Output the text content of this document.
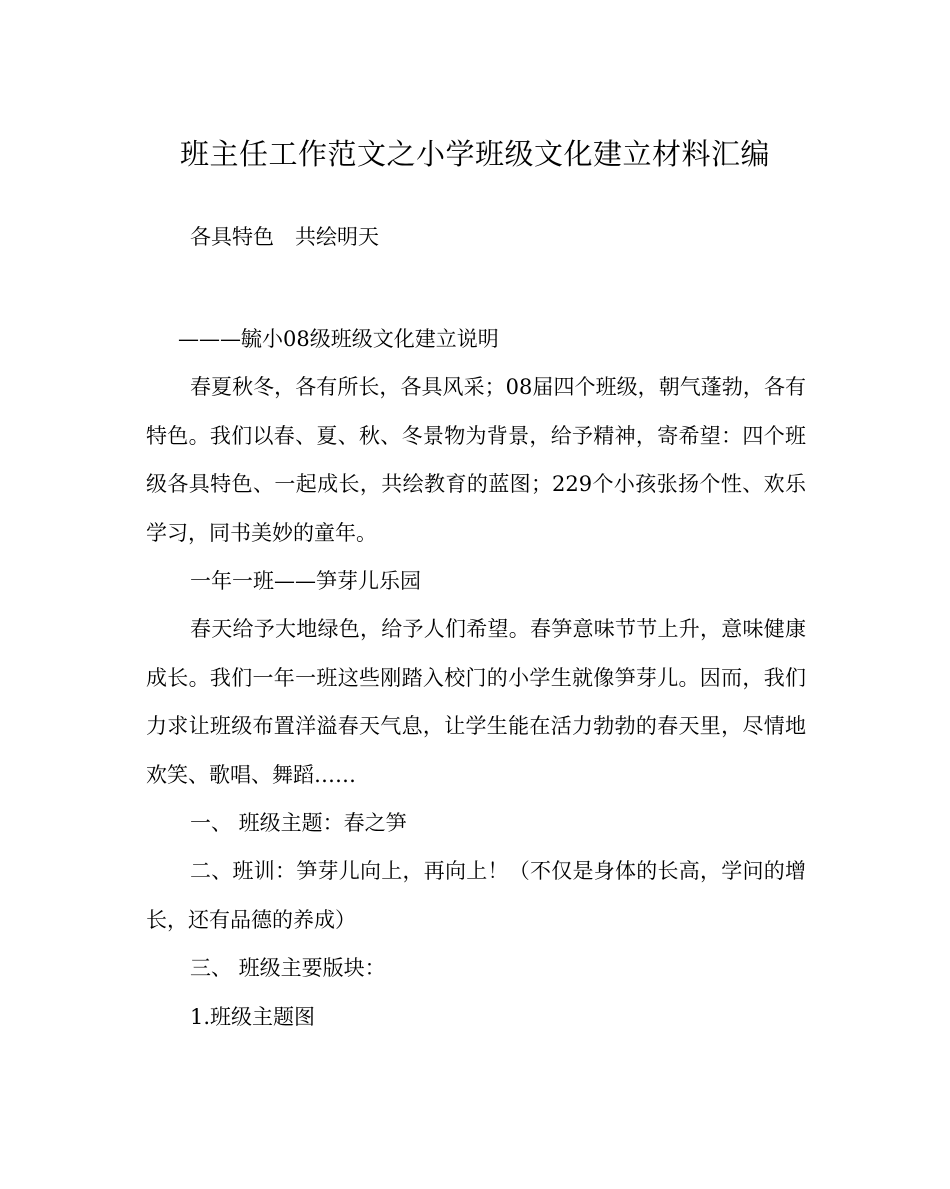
班主任工作范文之小学班级文化建立材料汇编
各具特色　共绘明天

———毓小08级班级文化建立说明

春夏秋冬，各有所长，各具风采；08届四个班级，朝气蓬勃，各有特色。我们以春、夏、秋、冬景物为背景，给予精神，寄希望：四个班级各具特色、一起成长，共绘教育的蓝图；229个小孩张扬个性、欢乐学习，同书美妙的童年。

一年一班——笋芽儿乐园

春天给予大地绿色，给予人们希望。春笋意味节节上升，意味健康成长。我们一年一班这些刚踏入校门的小学生就像笋芽儿。因而，我们力求让班级布置洋溢春天气息，让学生能在活力勃勃的春天里，尽情地欢笑、歌唱、舞蹈……

一、 班级主题：春之笋

二、班训：笋芽儿向上，再向上！（不仅是身体的长高，学问的增长，还有品德的养成）

三、 班级主要版块：

1.班级主题图
